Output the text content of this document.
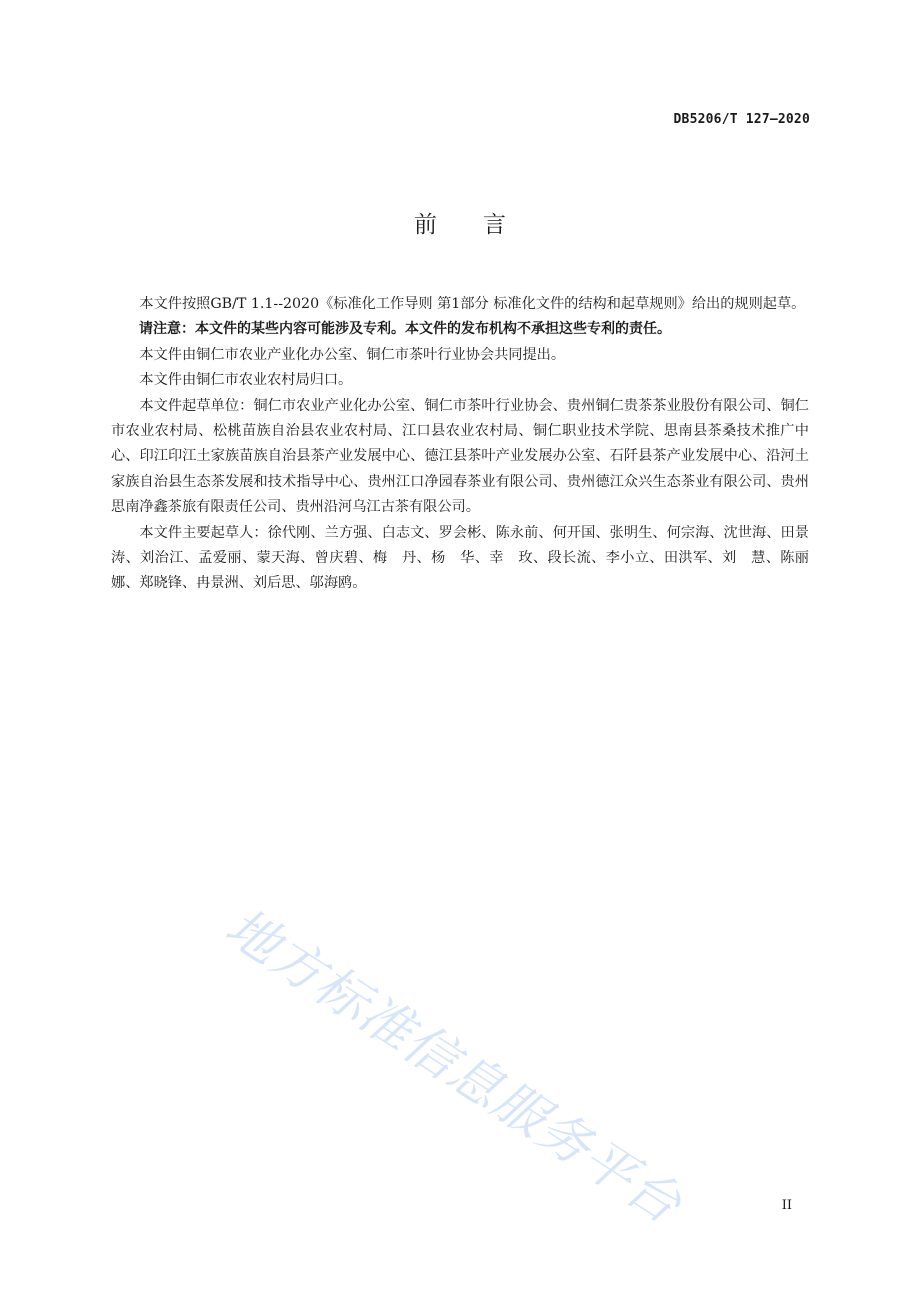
DB5206/T 127—2020
前言

本文件按照GB/T 1.1--2020《标准化工作导则 第1部分 标准化文件的结构和起草规则》给出的规则起草。

请注意：本文件的某些内容可能涉及专利。本文件的发布机构不承担这些专利的责任。

本文件由铜仁市农业产业化办公室、铜仁市茶叶行业协会共同提出。

本文件由铜仁市农业农村局归口。

本文件起草单位：铜仁市农业产业化办公室、铜仁市茶叶行业协会、贵州铜仁贵茶茶业股份有限公司、铜仁市农业农村局、松桃苗族自治县农业农村局、江口县农业农村局、铜仁职业技术学院、思南县茶桑技术推广中心、印江印江土家族苗族自治县茶产业发展中心、德江县茶叶产业发展办公室、石阡县茶产业发展中心、沿河土家族自治县生态茶发展和技术指导中心、贵州江口净园春茶业有限公司、贵州德江众兴生态茶业有限公司、贵州思南净鑫茶旅有限责任公司、贵州沿河乌江古茶有限公司。

本文件主要起草人：徐代刚、兰方强、白志文、罗会彬、陈永前、何开国、张明生、何宗海、沈世海、田景涛、刘治江、孟爱丽、蒙天海、曾庆碧、梅　丹、杨　华、幸　玫、段长流、李小立、田洪军、刘　慧、陈丽娜、郑晓锋、冉景洲、刘后思、邬海鸥。

地方标准信息服务平台	II
